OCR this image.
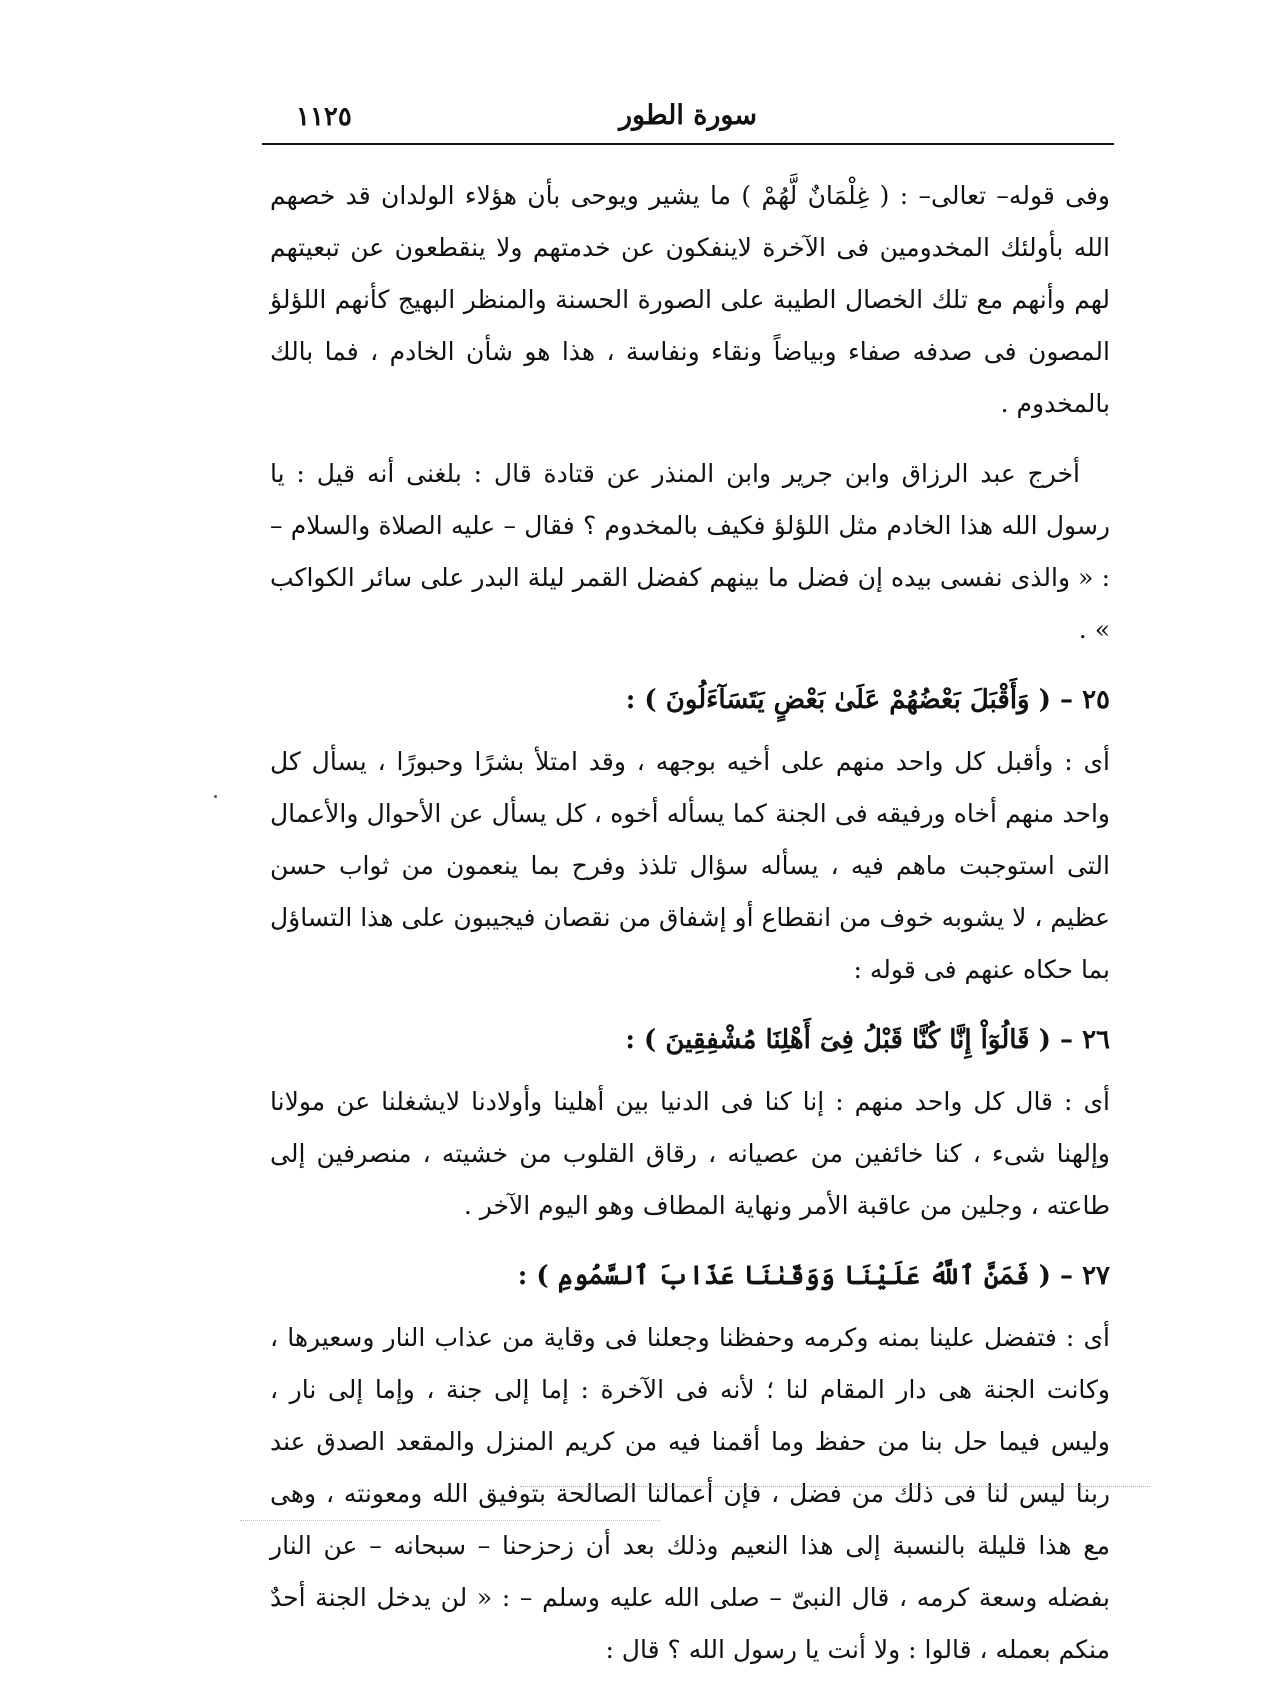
١١٢٥	سورة الطور

وفى قوله– تعالى– : ( غِلْمَانٌ لَّهُمْ ) ما يشير ويوحى بأن هؤلاء الولدان قد خصهم الله بأولئك المخدومين فى الآخرة لاينفكون عن خدمتهم ولا ينقطعون عن تبعيتهم لهم وأنهم مع تلك الخصال الطيبة على الصورة الحسنة والمنظر البهيج كأنهم اللؤلؤ المصون فى صدفه صفاء وبياضاً ونقاء ونفاسة ، هذا هو شأن الخادم ، فما بالك بالمخدوم .

أخرج عبد الرزاق وابن جرير وابن المنذر عن قتادة قال : بلغنى أنه قيل : يا رسول الله هذا الخادم مثل اللؤلؤ فكيف بالمخدوم ؟ فقال – عليه الصلاة والسلام – : « والذى نفسى بيده إن فضل ما بينهم كفضل القمر ليلة البدر على سائر الكواكب » .

٢٥ – ( وَأَقْبَلَ بَعْضُهُمْ عَلَىٰ بَعْضٍ يَتَسَآءَلُونَ ) :

أى : وأقبل كل واحد منهم على أخيه بوجهه ، وقد امتلأ بشرًا وحبورًا ، يسأل كل واحد منهم أخاه ورفيقه فى الجنة كما يسأله أخوه ، كل يسأل عن الأحوال والأعمال التى استوجبت ماهم فيه ، يسأله سؤال تلذذ وفرح بما ينعمون من ثواب حسن عظيم ، لا يشوبه خوف من انقطاع أو إشفاق من نقصان فيجيبون على هذا التساؤل بما حكاه عنهم فى قوله :

٢٦ – ( قَالُوٓاْ إِنَّا كُنَّا قَبْلُ فِىٓ أَهْلِنَا مُشْفِقِينَ ) :

أى : قال كل واحد منهم : إنا كنا فى الدنيا بين أهلينا وأولادنا لايشغلنا عن مولانا وإلهنا شىء ، كنا خائفين من عصيانه ، رقاق القلوب من خشيته ، منصرفين إلى طاعته ، وجلين من عاقبة الأمر ونهاية المطاف وهو اليوم الآخر .

٢٧ – ( فَمَنَّ ٱللَّهُ عَلَيْنَا وَوَقَىٰنَا عَذَابَ ٱلسَّمُومِ ) :

أى : فتفضل علينا بمنه وكرمه وحفظنا وجعلنا فى وقاية من عذاب النار وسعيرها ، وكانت الجنة هى دار المقام لنا ؛ لأنه فى الآخرة : إما إلى جنة ، وإما إلى نار ، وليس فيما حل بنا من حفظ وما أقمنا فيه من كريم المنزل والمقعد الصدق عند ربنا ليس لنا فى ذلك من فضل ، فإن أعمالنا الصالحة بتوفيق الله ومعونته ، وهى مع هذا قليلة بالنسبة إلى هذا النعيم وذلك بعد أن زحزحنا – سبحانه – عن النار بفضله وسعة كرمه ، قال النبىّ – صلى الله عليه وسلم – : « لن يدخل الجنة أحدٌ منكم بعمله ، قالوا : ولا أنت يا رسول الله ؟ قال :
